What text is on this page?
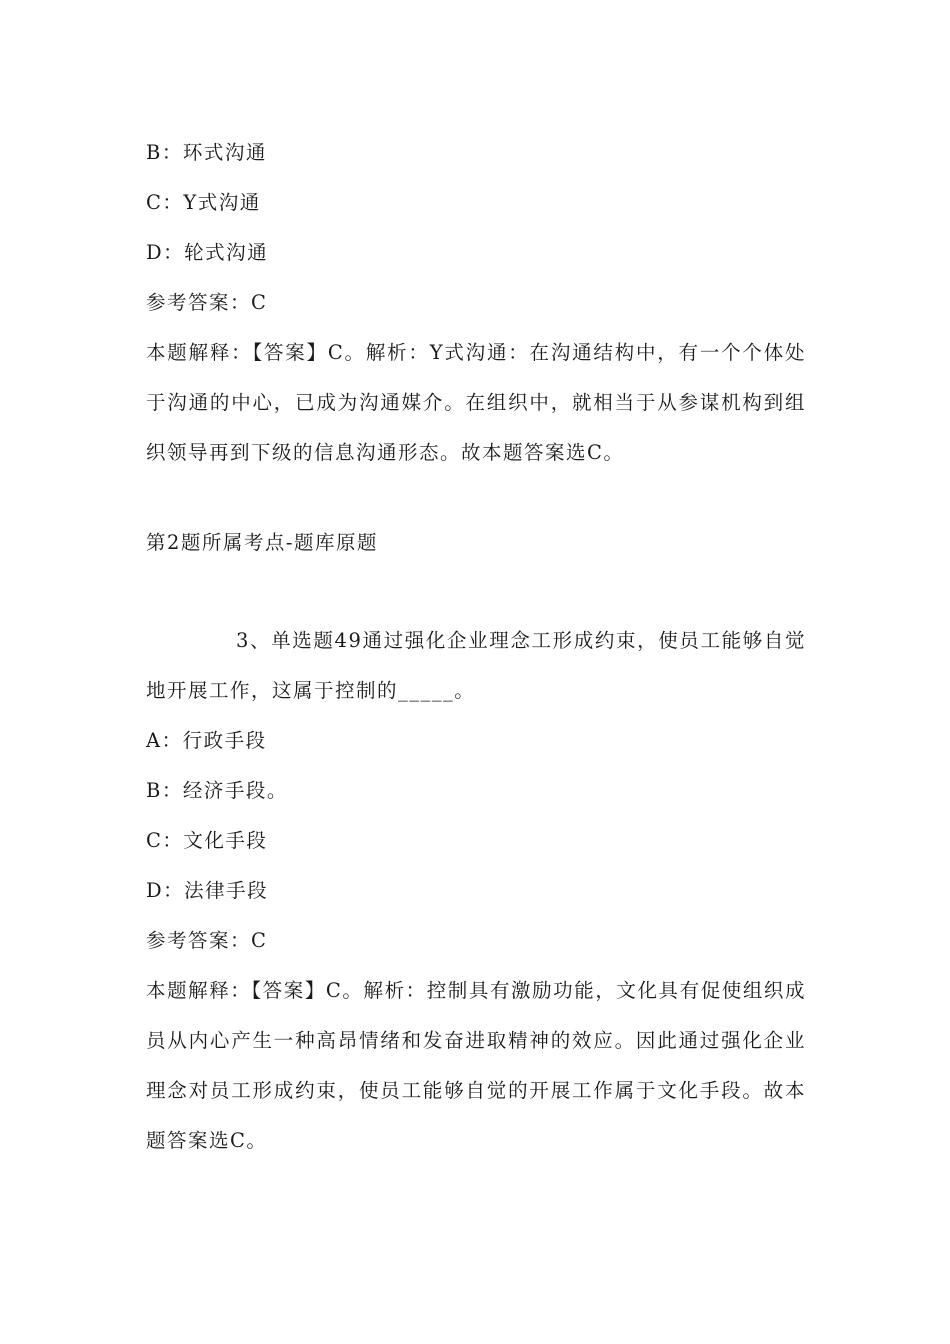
B：环式沟通
C：Y式沟通
D：轮式沟通
参考答案：C
本题解释：【答案】C。解析：Y式沟通：在沟通结构中，有一个个体处于沟通的中心，已成为沟通媒介。在组织中，就相当于从参谋机构到组织领导再到下级的信息沟通形态。故本题答案选C。
第2题所属考点-题库原题
3、单选题49通过强化企业理念工形成约束，使员工能够自觉地开展工作，这属于控制的_____。
A：行政手段
B：经济手段。
C：文化手段
D：法律手段
参考答案：C
本题解释：【答案】C。解析：控制具有激励功能，文化具有促使组织成员从内心产生一种高昂情绪和发奋进取精神的效应。因此通过强化企业理念对员工形成约束，使员工能够自觉的开展工作属于文化手段。故本题答案选C。
